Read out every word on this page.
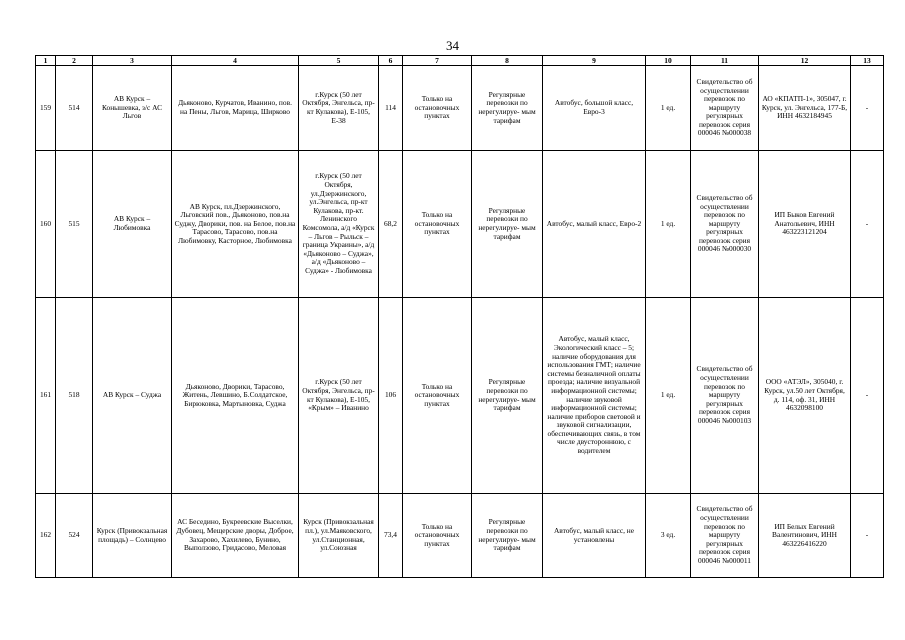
34
1	2	3	4	5	6	7	8	9	10	11	12	13
159	514	АВ Курск – Конышевка, з/с АС Льгов	Дьяконово, Курчатов, Иванино, пов. на Пены, Льгов, Марица, Ширково	г.Курск (50 лет Октября, Энгельса, пр-кт Кулакова), Е-105, Е-38	114	Только на остановочных пунктах	Регулярные перевозки по нерегулируе- мым тарифам	Автобус, большой класс, Евро-3	1 ед.	Свидетельство об осуществлении перевозок по маршруту регулярных перевозок серия 000046 №000038	АО «КПАТП-1», 305047, г. Курск, ул. Энгельса, 177-Б, ИНН 4632184945	-
160	515	АВ Курск – Любимовка	АВ Курск, пл.Дзержинского, Льговский пов., Дьяконово, пов.на Суджу, Дворики, пов. на Белое, пов.на Тарасово, Тарасово, пов.на Любимовку, Касторное, Любимовка	г.Курск (50 лет Октября, ул.Дзержинского, ул.Энгельса, пр-кт Кулакова, пр-кт. Ленинского Комсомола, а/д «Курск – Льгов – Рыльск – граница Украины», а/д «Дьяконово – Суджа», а/д «Дьяконово – Суджа» - Любимовка	68,2	Только на остановочных пунктах	Регулярные перевозки по нерегулируе- мым тарифам	Автобус, малый класс, Евро-2	1 ед.	Свидетельство об осуществлении перевозок по маршруту регулярных перевозок серия 000046 №000030	ИП Быков Евгений Анатольевич, ИНН 463223121204	-
161	518	АВ Курск – Суджа	Дьяконово, Дворики, Тарасово, Житень, Левшино, Б.Солдатское, Бирюковка, Мартыновка, Суджа	г.Курск (50 лет Октября, Энгельса, пр-кт Кулакова), Е-105, «Крым» – Иванино	106	Только на остановочных пунктах	Регулярные перевозки по нерегулируе- мым тарифам	Автобус, малый класс, Экологический класс – 5; наличие оборудования для использования ГМТ; наличие системы безналичной оплаты проезда; наличие визуальной информационной системы; наличие звуковой информационной системы; наличие приборов световой и звуковой сигнализации, обеспечивающих связь, в том числе двустороннюю, с водителем	1 ед.	Свидетельство об осуществлении перевозок по маршруту регулярных перевозок серия 000046 №000103	ООО «АТЭЛ», 305040, г. Курск, ул.50 лет Октября, д. 114, оф. 31, ИНН 4632098100	-
162	524	Курск (Привокзальная площадь) – Солнцево	АС Беседино, Букреевские Выселки, Дубовец, Мещерские дворы, Доброе, Захарово, Хахилево, Бунино, Выползово, Гридасово, Меловая	Курск (Привокзальная пл.), ул.Маяковского, ул.Станционная, ул.Союзная	73,4	Только на остановочных пунктах	Регулярные перевозки по нерегулируе- мым тарифам	Автобус, малый класс, не установлены	3 ед.	Свидетельство об осуществлении перевозок по маршруту регулярных перевозок серия 000046 №000011	ИП Белых Евгений Валентинович, ИНН 463226416220	-
